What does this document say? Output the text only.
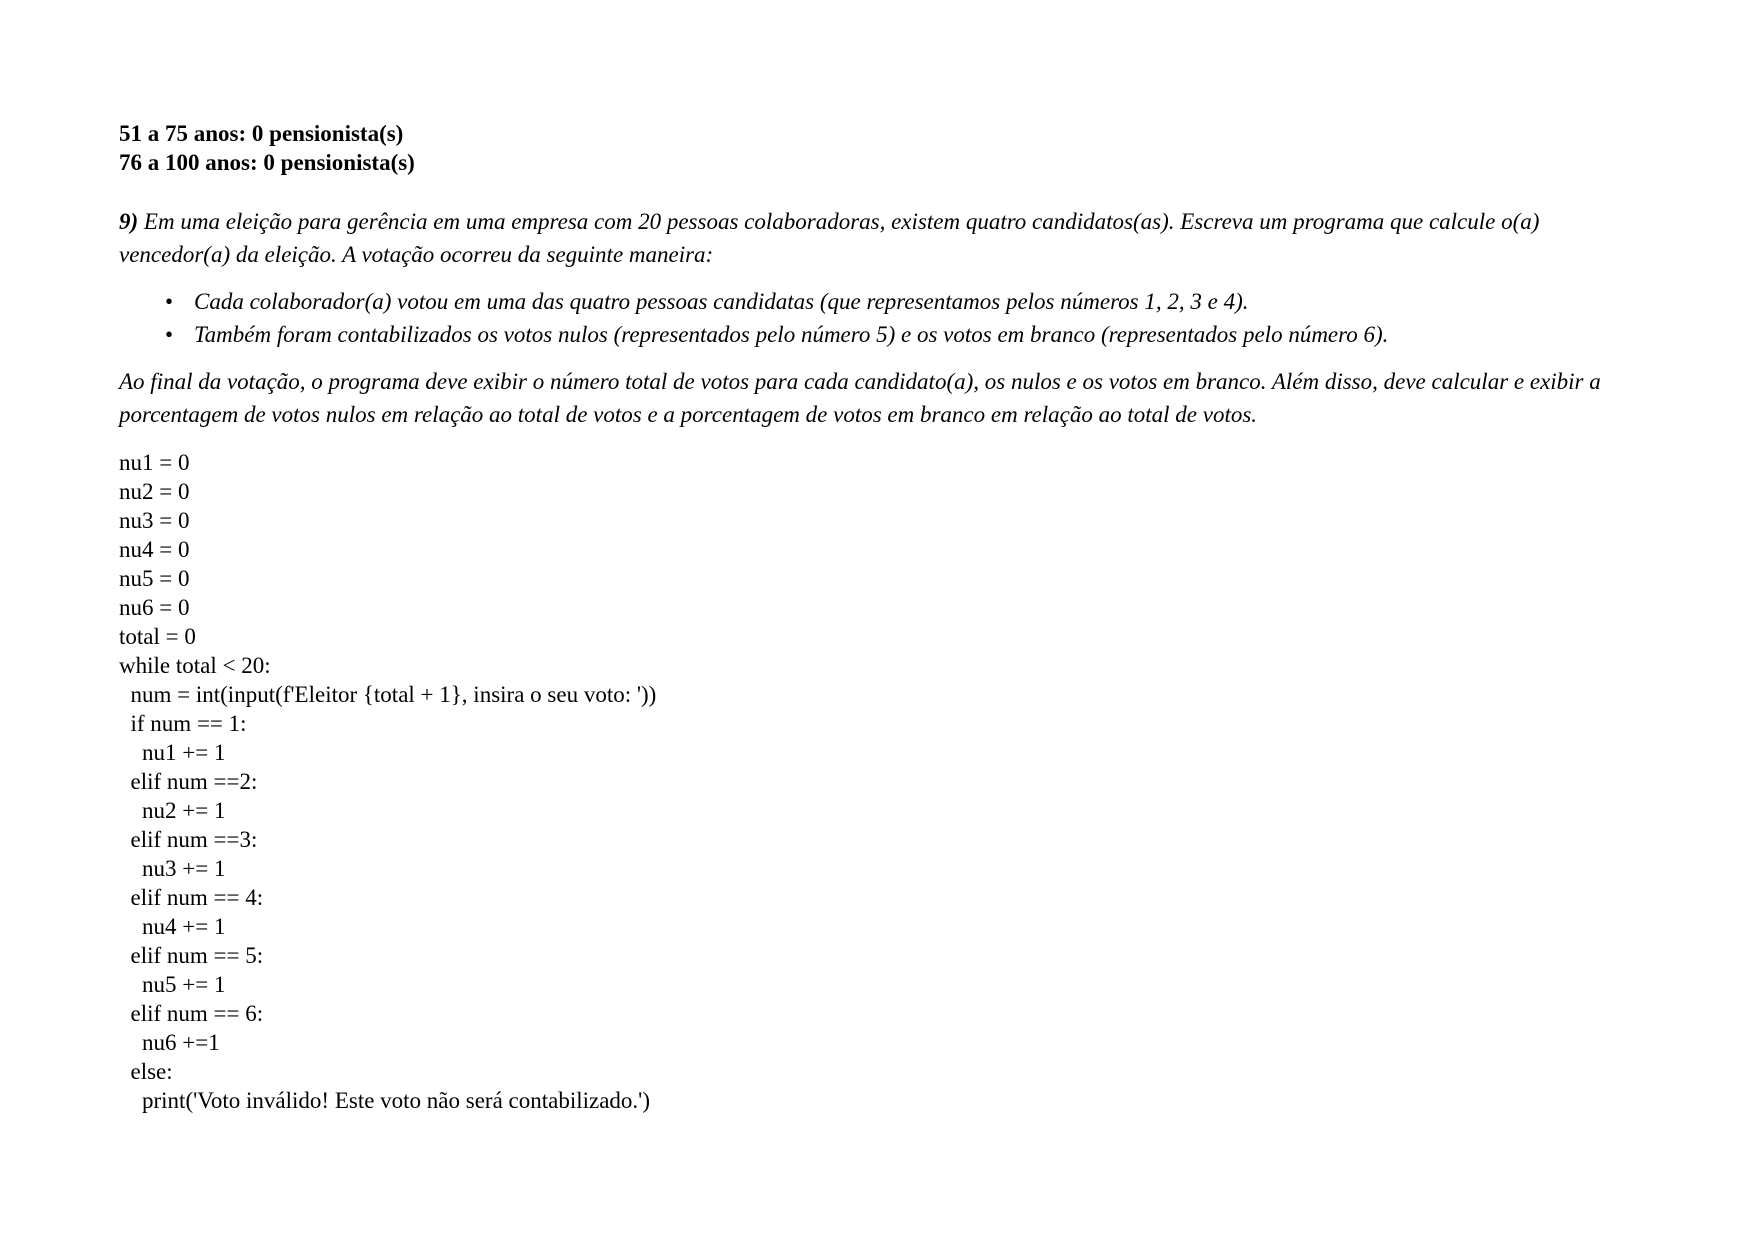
51 a 75 anos: 0 pensionista(s)
76 a 100 anos: 0 pensionista(s)
9) Em uma eleição para gerência em uma empresa com 20 pessoas colaboradoras, existem quatro candidatos(as). Escreva um programa que calcule o(a) vencedor(a) da eleição. A votação ocorreu da seguinte maneira:
• Cada colaborador(a) votou em uma das quatro pessoas candidatas (que representamos pelos números 1, 2, 3 e 4).
• Também foram contabilizados os votos nulos (representados pelo número 5) e os votos em branco (representados pelo número 6).
Ao final da votação, o programa deve exibir o número total de votos para cada candidato(a), os nulos e os votos em branco. Além disso, deve calcular e exibir a porcentagem de votos nulos em relação ao total de votos e a porcentagem de votos em branco em relação ao total de votos.
nu1 = 0
nu2 = 0
nu3 = 0
nu4 = 0
nu5 = 0
nu6 = 0
total = 0
while total < 20:
num = int(input(f'Eleitor {total + 1}, insira o seu voto: '))
if num == 1:
nu1 += 1
elif num ==2:
nu2 += 1
elif num ==3:
nu3 += 1
elif num == 4:
nu4 += 1
elif num == 5:
nu5 += 1
elif num == 6:
nu6 +=1
else:
print('Voto inválido! Este voto não será contabilizado.')
